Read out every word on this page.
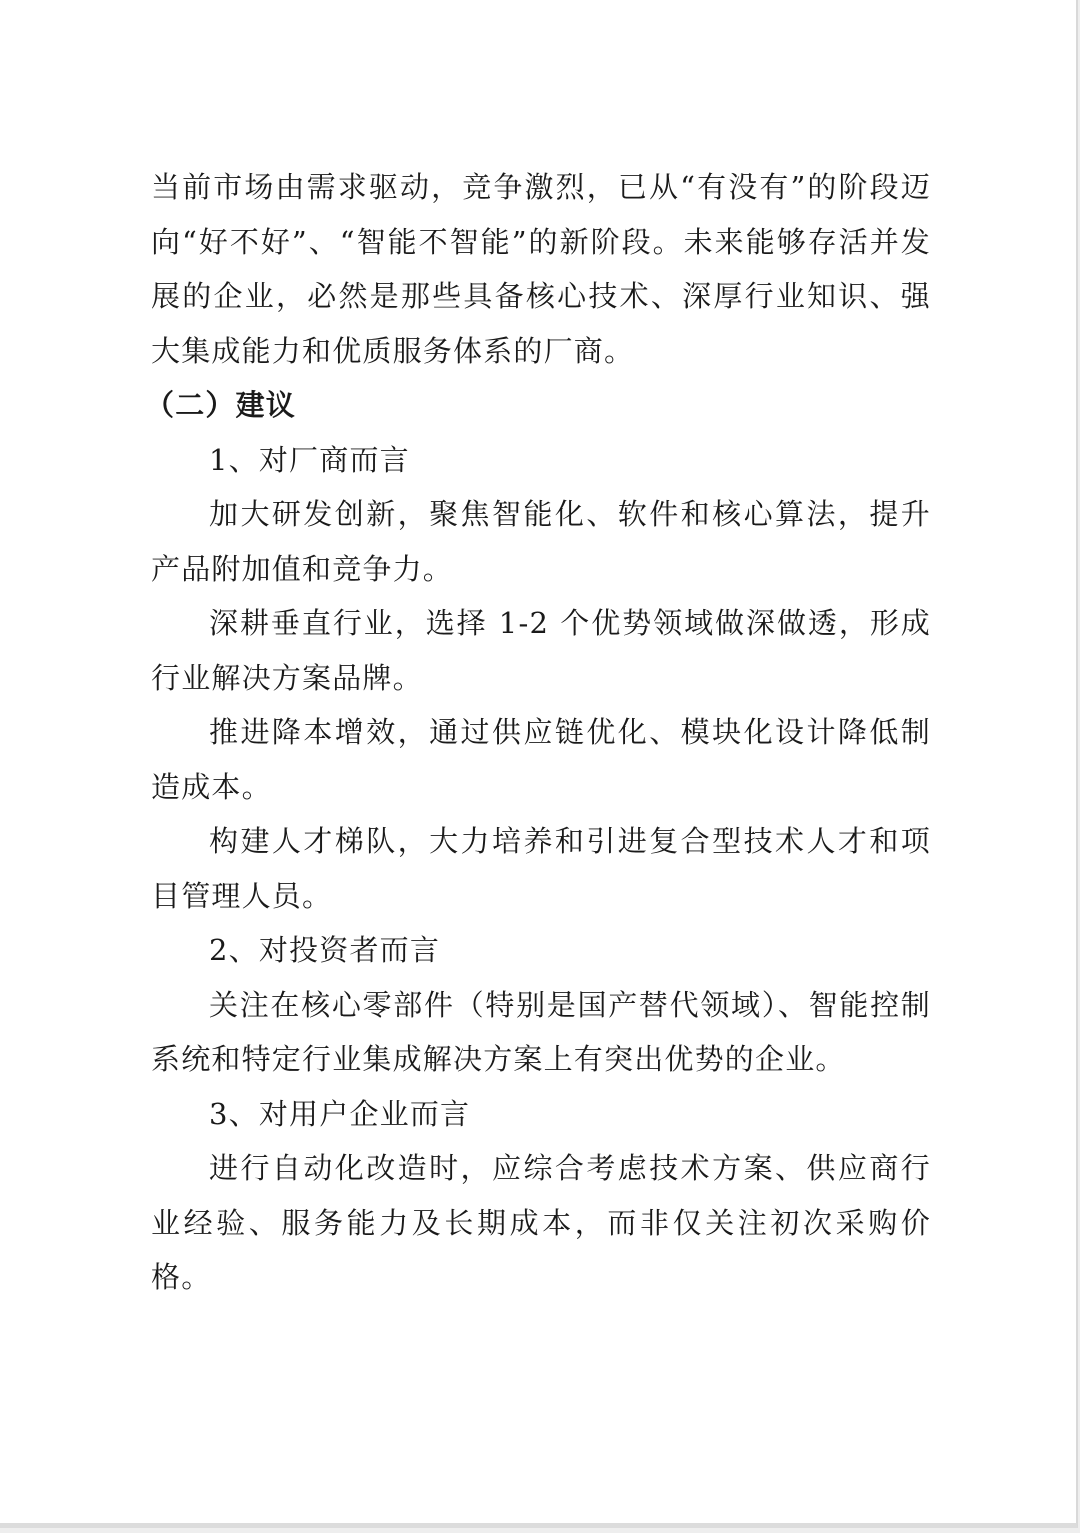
当前市场由需求驱动，竞争激烈，已从“有没有”的阶段迈向“好不好”、“智能不智能”的新阶段。未来能够存活并发展的企业，必然是那些具备核心技术、深厚行业知识、强大集成能力和优质服务体系的厂商。

（二）建议

1、对厂商而言

加大研发创新，聚焦智能化、软件和核心算法，提升产品附加值和竞争力。

深耕垂直行业，选择 1-2 个优势领域做深做透，形成行业解决方案品牌。

推进降本增效，通过供应链优化、模块化设计降低制造成本。

构建人才梯队，大力培养和引进复合型技术人才和项目管理人员。

2、对投资者而言

关注在核心零部件（特别是国产替代领域）、智能控制系统和特定行业集成解决方案上有突出优势的企业。

3、对用户企业而言

进行自动化改造时，应综合考虑技术方案、供应商行业经验、服务能力及长期成本，而非仅关注初次采购价格。
